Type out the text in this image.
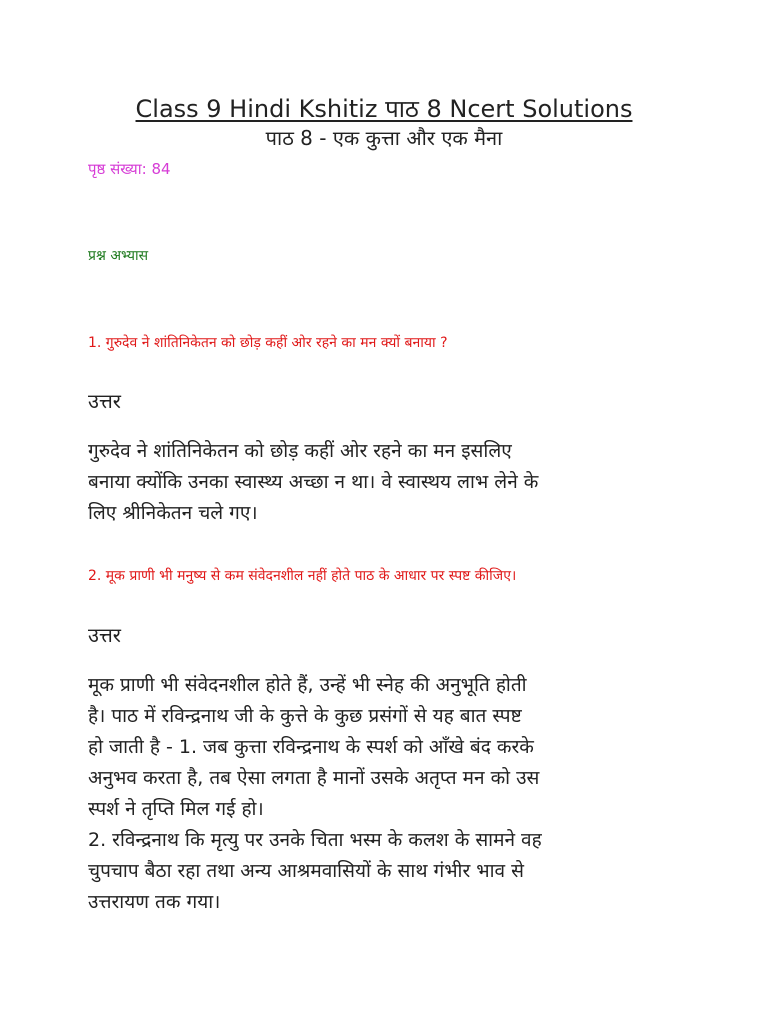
Class 9 Hindi Kshitiz पाठ 8 Ncert Solutions
पाठ 8 - एक कुत्ता और एक मैना
पृष्ठ संख्या: 84
प्रश्न अभ्यास
1. गुरुदेव ने शांतिनिकेतन को छोड़ कहीं ओर रहने का मन क्यों बनाया ?
उत्तर
गुरुदेव ने शांतिनिकेतन को छोड़ कहीं ओर रहने का मन इसलिए
बनाया क्योंकि उनका स्वास्थ्य अच्छा न था। वे स्वास्थय लाभ लेने के
लिए श्रीनिकेतन चले गए।
2. मूक प्राणी भी मनुष्य से कम संवेदनशील नहीं होते पाठ के आधार पर स्पष्ट कीजिए।
उत्तर
मूक प्राणी भी संवेदनशील होते हैं, उन्हें भी स्नेह की अनुभूति होती
है। पाठ में रविन्द्रनाथ जी के कुत्ते के कुछ प्रसंगों से यह बात स्पष्ट
हो जाती है - 1. जब कुत्ता रविन्द्रनाथ के स्पर्श को आँखे बंद करके
अनुभव करता है, तब ऐसा लगता है मानों उसके अतृप्त मन को उस
स्पर्श ने तृप्ति मिल गई हो।
2. रविन्द्रनाथ कि मृत्यु पर उनके चिता भस्म के कलश के सामने वह
चुपचाप बैठा रहा तथा अन्य आश्रमवासियों के साथ गंभीर भाव से
उत्तरायण तक गया।
